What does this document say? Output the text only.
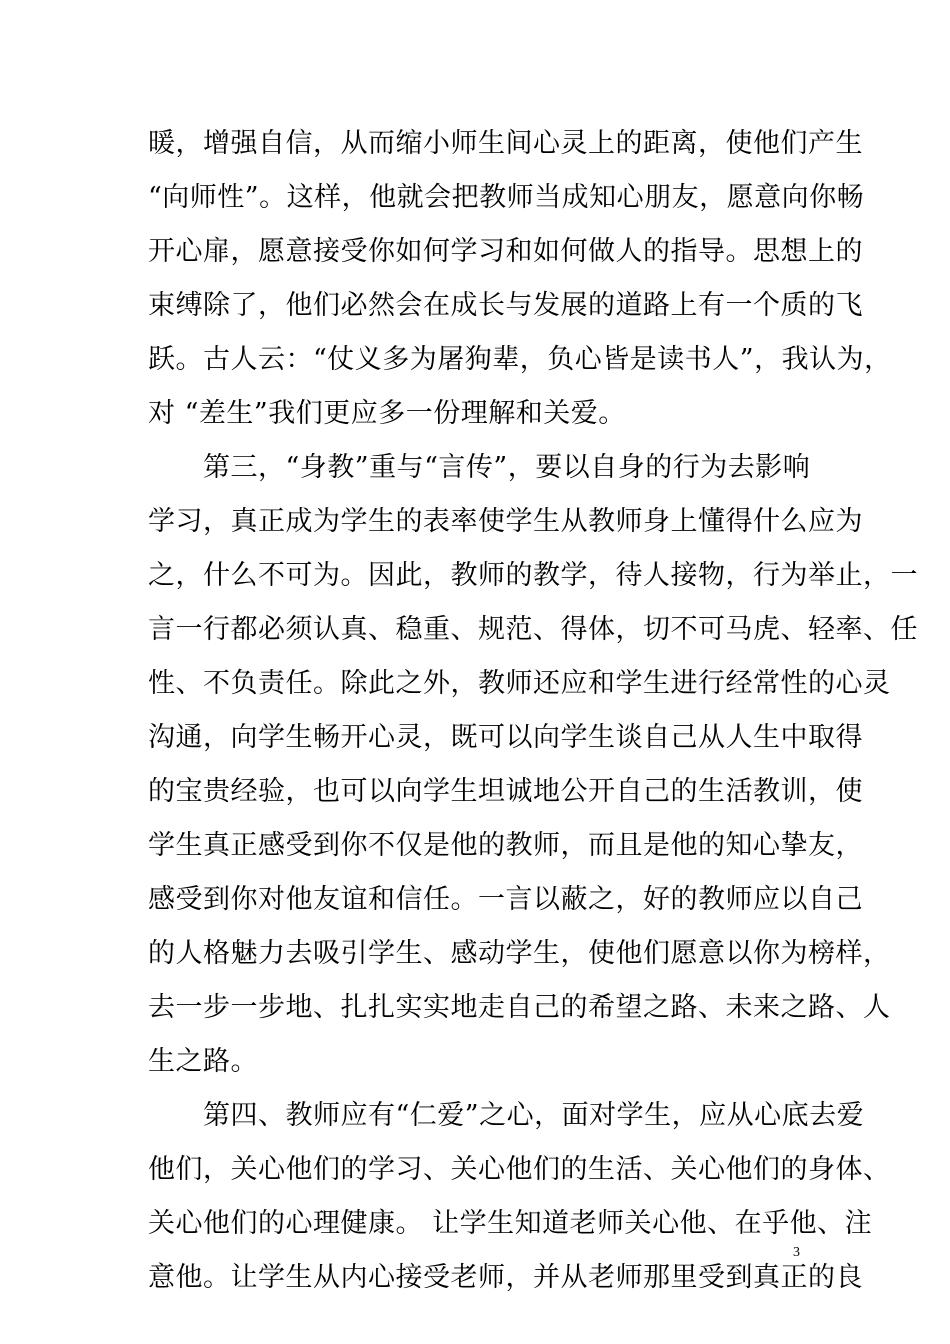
暖，增强自信，从而缩小师生间心灵上的距离，使他们产生
“向师性”。这样，他就会把教师当成知心朋友，愿意向你畅
开心扉，愿意接受你如何学习和如何做人的指导。思想上的
束缚除了，他们必然会在成长与发展的道路上有一个质的飞
跃。古人云：“仗义多为屠狗辈，负心皆是读书人”，我认为，
对 “差生”我们更应多一份理解和关爱。
　　第三，“身教”重与“言传”，要以自身的行为去影响
学习，真正成为学生的表率使学生从教师身上懂得什么应为
之，什么不可为。因此，教师的教学，待人接物，行为举止，一
言一行都必须认真、稳重、规范、得体，切不可马虎、轻率、任
性、不负责任。除此之外，教师还应和学生进行经常性的心灵
沟通，向学生畅开心灵，既可以向学生谈自己从人生中取得
的宝贵经验，也可以向学生坦诚地公开自己的生活教训，使
学生真正感受到你不仅是他的教师，而且是他的知心挚友，
感受到你对他友谊和信任。一言以蔽之，好的教师应以自己
的人格魅力去吸引学生、感动学生，使他们愿意以你为榜样，
去一步一步地、扎扎实实地走自己的希望之路、未来之路、人
生之路。
　　第四、教师应有“仁爱”之心，面对学生，应从心底去爱
他们，关心他们的学习、关心他们的生活、关心他们的身体、
关心他们的心理健康。 让学生知道老师关心他、在乎他、注
意他。让学生从内心接受老师，并从老师那里受到真正的良
3
